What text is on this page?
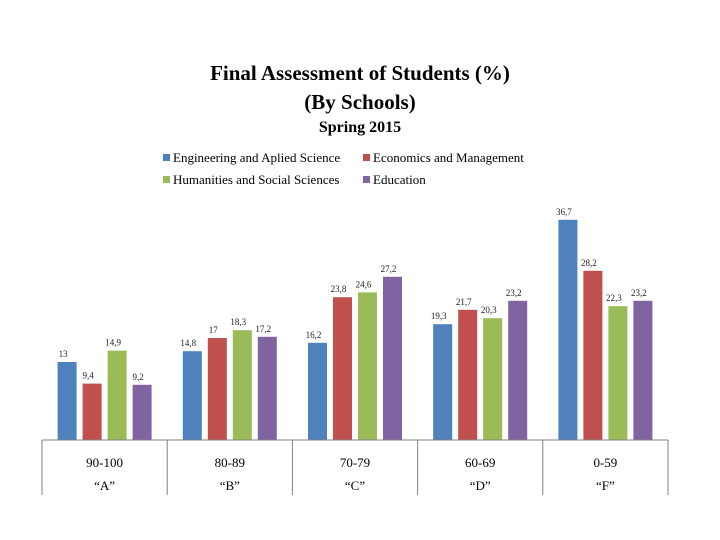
Final Assessment of Students (%)
(By Schools)
Spring 2015
Engineering and Aplied Science	Economics and Management
Humanities and Social Sciences	Education
13
9,4
14,9
9,2
14,8
17
18,3
17,2
16,2
23,8 24,6
27,2
19,3
21,7
20,3
23,2
36,7
28,2
22,3
23,2
90-100
“A”
80-89
“B”
70-79
“C”
60-69
“D”
0-59
“F”
